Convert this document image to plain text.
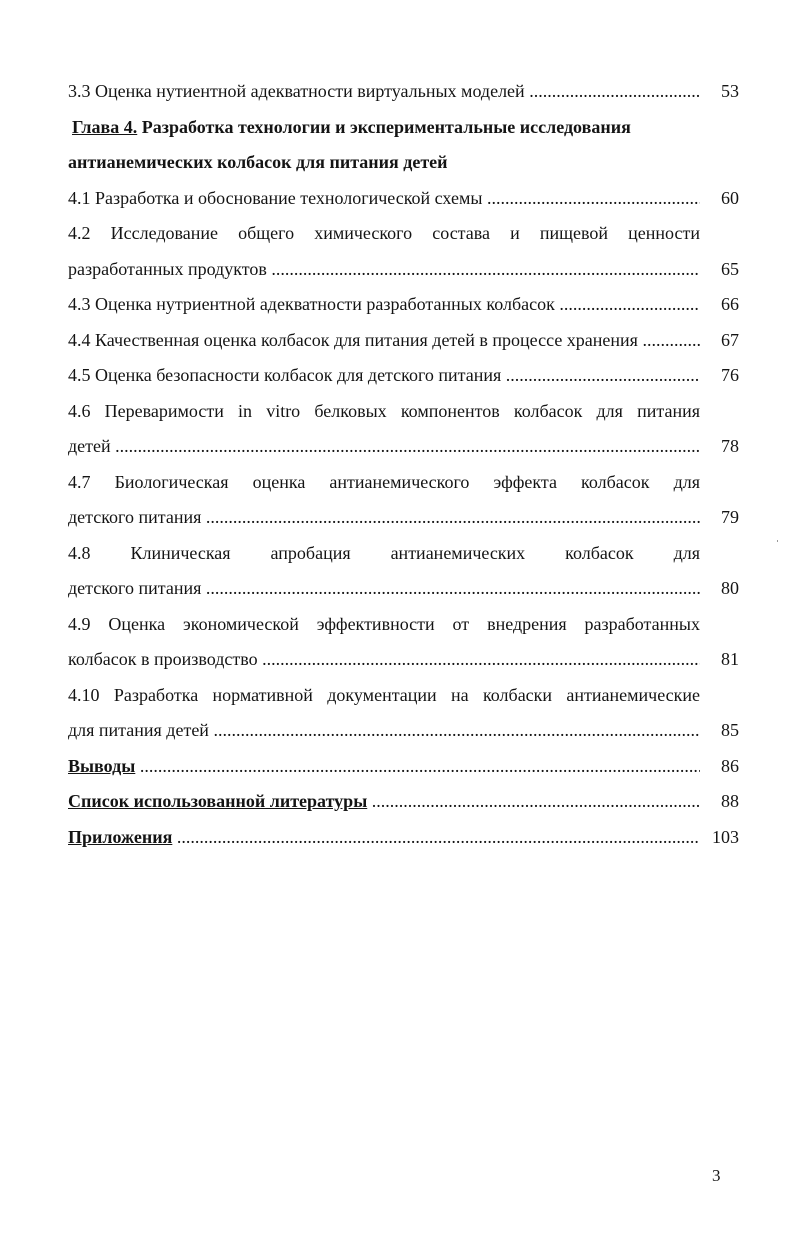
3.3 Оценка нутиентной адекватности виртуальных моделей .....	53
Глава 4. Разработка технологии и экспериментальные исследования
антианемических колбасок для питания детей
4.1 Разработка и обоснование технологической схемы .....	60
4.2 Исследование общего химического состава и пищевой ценности
разработанных продуктов .....	65
4.3 Оценка нутриентной адекватности разработанных колбасок .....	66
4.4 Качественная оценка колбасок для питания детей в процессе хранения .....	67
4.5 Оценка безопасности колбасок для детского питания .....	76
4.6 Переваримости in vitro белковых компонентов колбасок для питания
детей .....	78
4.7 Биологическая оценка антианемического эффекта колбасок для
детского питания .....	79
4.8 Клиническая апробация антианемических колбасок для
детского питания .....	80
4.9 Оценка экономической эффективности от внедрения разработанных
колбасок в производство .....	81
4.10 Разработка нормативной документации на колбаски антианемические
для питания детей .....	85
Выводы .....	86
Список использованной литературы .....	88
Приложения .....	103
3
